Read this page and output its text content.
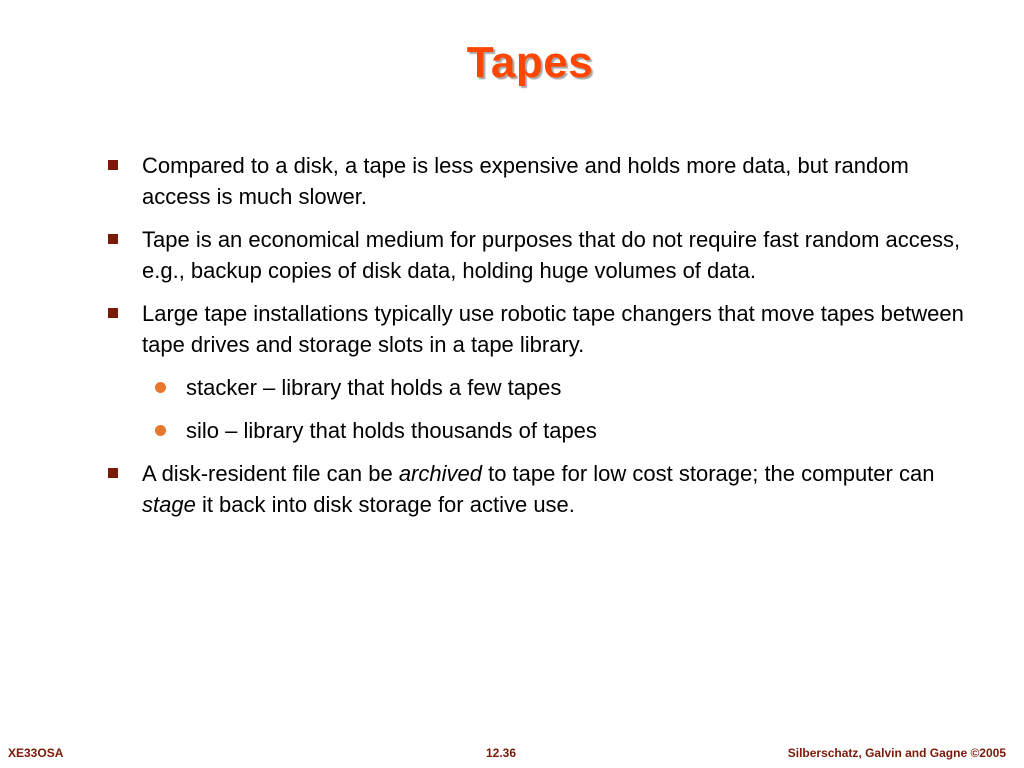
Tapes
Compared to a disk, a tape is less expensive and holds more data, but random access is much slower.
Tape is an economical medium for purposes that do not require fast random access, e.g., backup copies of disk data, holding huge volumes of data.
Large tape installations typically use robotic tape changers that move tapes between tape drives and storage slots in a tape library.
stacker – library that holds a few tapes
silo – library that holds thousands of tapes
A disk-resident file can be archived to tape for low cost storage; the computer can stage it back into disk storage for active use.
XE33OSA	12.36	Silberschatz, Galvin and Gagne ©2005
